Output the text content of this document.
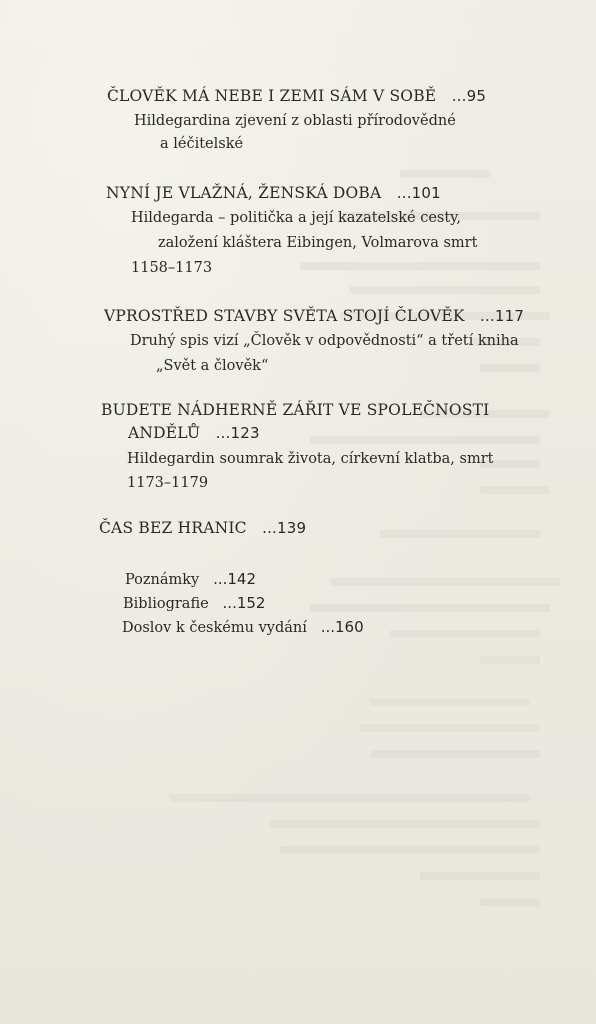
ČLOVĚK MÁ NEBE I ZEMI SÁM V SOBĚ ...95
Hildegardina zjevení z oblasti přírodovědné
a léčitelské
NYNÍ JE VLAŽNÁ, ŽENSKÁ DOBA ...101
Hildegarda – politička a její kazatelské cesty,
založení kláštera Eibingen, Volmarova smrt
1158–1173
VPROSTŘED STAVBY SVĚTA STOJÍ ČLOVĚK ...117
Druhý spis vizí „Člověk v odpovědnosti“ a třetí kniha
„Svět a člověk“
BUDETE NÁDHERNĚ ZÁŘIT VE SPOLEČNOSTI
ANDĚLŮ ...123
Hildegardin soumrak života, církevní klatba, smrt
1173–1179
ČAS BEZ HRANIC ...139
Poznámky ...142
Bibliografie ...152
Doslov k českému vydání ...160
